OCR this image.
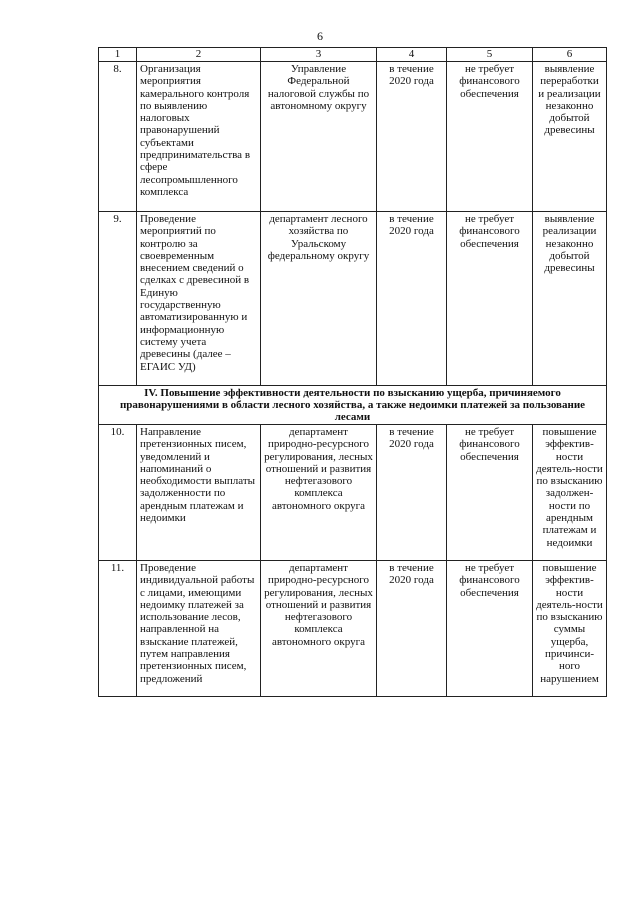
6
1	2	3	4	5	6
8.	Организация мероприятия камерального контроля по выявлению налоговых правонарушений субъектами предпринимательства в сфере лесопромышленного комплекса	Управление Федеральной налоговой службы по автономному округу	в течение 2020 года	не требует финансового обеспечения	выявление переработки и реализации незаконно добытой древесины
9.	Проведение мероприятий по контролю за своевременным внесением сведений о сделках с древесиной в Единую государственную автоматизированную и информационную систему учета древесины (далее – ЕГАИС УД)	департамент лесного хозяйства по Уральскому федеральному округу	в течение 2020 года	не требует финансового обеспечения	выявление реализации незаконно добытой древесины
IV. Повышение эффективности деятельности по взысканию ущерба, причиняемого правонарушениями в области лесного хозяйства, а также недоимки платежей за пользование лесами					
10.	Направление претензионных писем, уведомлений и напоминаний о необходимости выплаты задолженности по арендным платежам и недоимки	департамент природно-ресурсного регулирования, лесных отношений и развития нефтегазового комплекса автономного округа	в течение 2020 года	не требует финансового обеспечения	повышение эффектив-ности деятель-ности по взысканию задолжен-ности по арендным платежам и недоимки
11.	Проведение индивидуальной работы с лицами, имеющими недоимку платежей за использование лесов, направленной на взыскание платежей, путем направления претензионных писем, предложений	департамент природно-ресурсного регулирования, лесных отношений и развития нефтегазового комплекса автономного округа	в течение 2020 года	не требует финансового обеспечения	повышение эффектив-ности деятель-ности по взысканию суммы ущерба, причинси-ного нарушением
